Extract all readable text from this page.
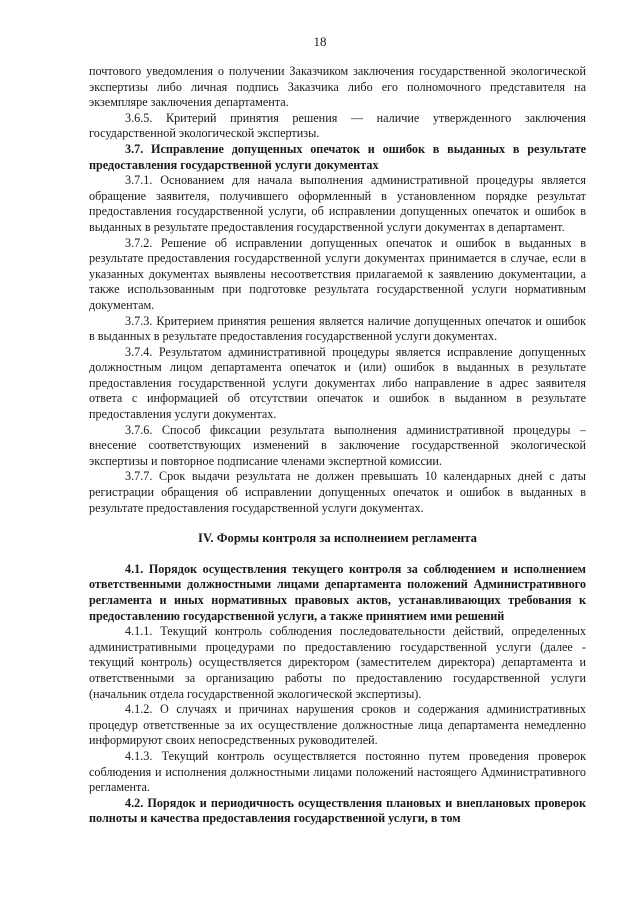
18

почтового уведомления о получении Заказчиком заключения государственной экологической экспертизы либо личная подпись Заказчика либо его полномочного представителя на экземпляре заключения департамента.

3.6.5. Критерий принятия решения — наличие утвержденного заключения государственной экологической экспертизы.

3.7. Исправление допущенных опечаток и ошибок в выданных в результате предоставления государственной услуги документах

3.7.1. Основанием для начала выполнения административной процедуры является обращение заявителя, получившего оформленный в установленном порядке результат предоставления государственной услуги, об исправлении допущенных опечаток и ошибок в выданных в результате предоставления государственной услуги документах в департамент.

3.7.2. Решение об исправлении допущенных опечаток и ошибок в выданных в результате предоставления государственной услуги документах принимается в случае, если в указанных документах выявлены несоответствия прилагаемой к заявлению документации, а также использованным при подготовке результата государственной услуги нормативным документам.

3.7.3. Критерием принятия решения является наличие допущенных опечаток и ошибок в выданных в результате предоставления государственной услуги документах.

3.7.4. Результатом административной процедуры является исправление допущенных должностным лицом департамента опечаток и (или) ошибок в выданных в результате предоставления государственной услуги документах либо направление в адрес заявителя ответа с информацией об отсутствии опечаток и ошибок в выданном в результате предоставления услуги документах.

3.7.6. Способ фиксации результата выполнения административной процедуры – внесение соответствующих изменений в заключение государственной экологической экспертизы и повторное подписание членами экспертной комиссии.

3.7.7. Срок выдачи результата не должен превышать 10 календарных дней с даты регистрации обращения об исправлении допущенных опечаток и ошибок в выданных в результате предоставления государственной услуги документах.

IV. Формы контроля за исполнением регламента

4.1. Порядок осуществления текущего контроля за соблюдением и исполнением ответственными должностными лицами департамента положений Административного регламента и иных нормативных правовых актов, устанавливающих требования к предоставлению государственной услуги, а также принятием ими решений

4.1.1. Текущий контроль соблюдения последовательности действий, определенных административными процедурами по предоставлению государственной услуги (далее - текущий контроль) осуществляется директором (заместителем директора) департамента и ответственными за организацию работы по предоставлению государственной услуги (начальник отдела государственной экологической экспертизы).

4.1.2. О случаях и причинах нарушения сроков и содержания административных процедур ответственные за их осуществление должностные лица департамента немедленно информируют своих непосредственных руководителей.

4.1.3. Текущий контроль осуществляется постоянно путем проведения проверок соблюдения и исполнения должностными лицами положений настоящего Административного регламента.

4.2. Порядок и периодичность осуществления плановых и внеплановых проверок полноты и качества предоставления государственной услуги, в том
